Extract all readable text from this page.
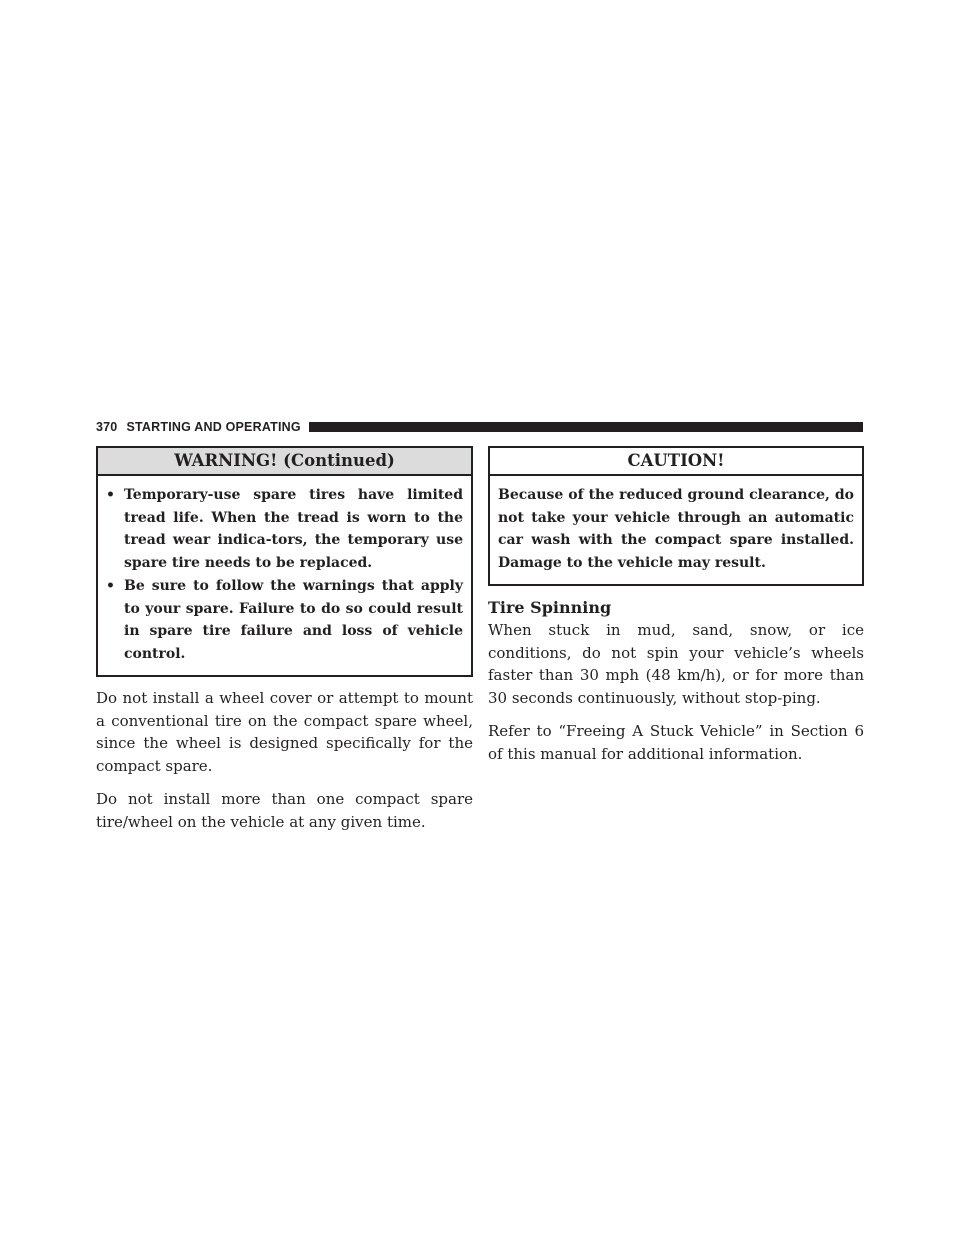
370 STARTING AND OPERATING
WARNING! (Continued)
• Temporary-use spare tires have limited tread life. When the tread is worn to the tread wear indica-tors, the temporary use spare tire needs to be replaced.
• Be sure to follow the warnings that apply to your spare. Failure to do so could result in spare tire failure and loss of vehicle control.

Do not install a wheel cover or attempt to mount a conventional tire on the compact spare wheel, since the wheel is designed specifically for the compact spare.

Do not install more than one compact spare tire/wheel on the vehicle at any given time.

CAUTION!
Because of the reduced ground clearance, do not take your vehicle through an automatic car wash with the compact spare installed. Damage to the vehicle may result.
Tire Spinning

When stuck in mud, sand, snow, or ice conditions, do not spin your vehicle’s wheels faster than 30 mph (48 km/h), or for more than 30 seconds continuously, without stop-ping.

Refer to “Freeing A Stuck Vehicle” in Section 6 of this manual for additional information.
